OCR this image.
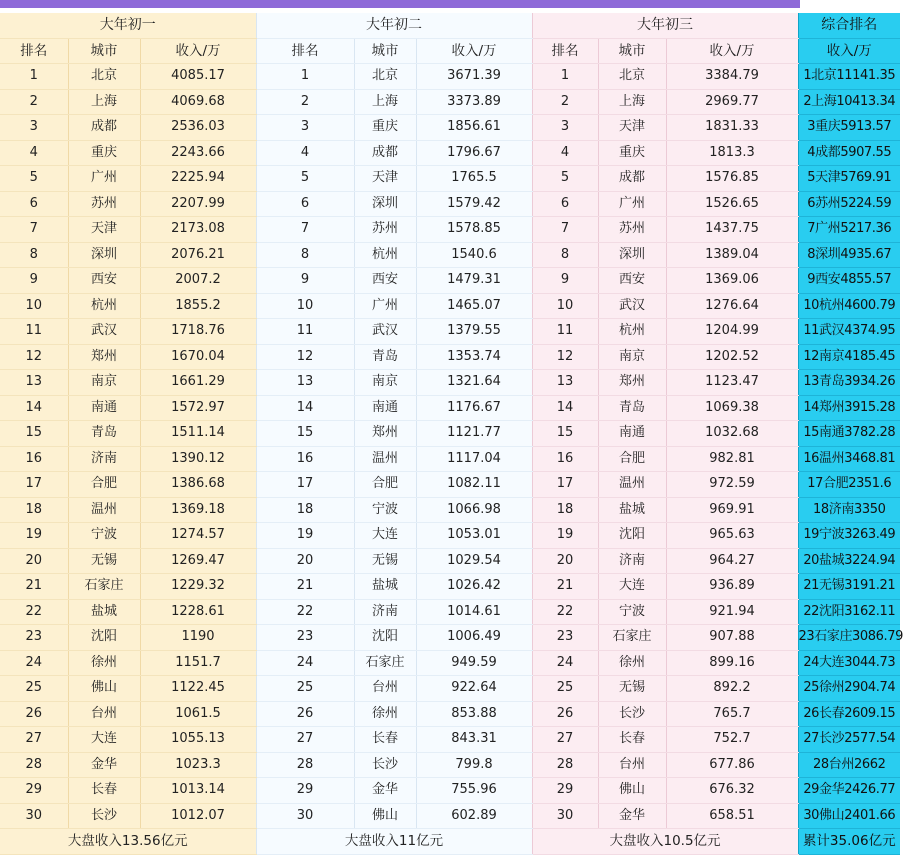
大年初一			大年初二			大年初三			综合排名
排名	城市	收入/万	排名	城市	收入/万	排名	城市	收入/万	收入/万
1	北京	4085.17	1	北京	3671.39	1	北京	3384.79	1北京11141.35
2	上海	4069.68	2	上海	3373.89	2	上海	2969.77	2上海10413.34
3	成都	2536.03	3	重庆	1856.61	3	天津	1831.33	3重庆5913.57
4	重庆	2243.66	4	成都	1796.67	4	重庆	1813.3	4成都5907.55
5	广州	2225.94	5	天津	1765.5	5	成都	1576.85	5天津5769.91
6	苏州	2207.99	6	深圳	1579.42	6	广州	1526.65	6苏州5224.59
7	天津	2173.08	7	苏州	1578.85	7	苏州	1437.75	7广州5217.36
8	深圳	2076.21	8	杭州	1540.6	8	深圳	1389.04	8深圳4935.67
9	西安	2007.2	9	西安	1479.31	9	西安	1369.06	9西安4855.57
10	杭州	1855.2	10	广州	1465.07	10	武汉	1276.64	10杭州4600.79
11	武汉	1718.76	11	武汉	1379.55	11	杭州	1204.99	11武汉4374.95
12	郑州	1670.04	12	青岛	1353.74	12	南京	1202.52	12南京4185.45
13	南京	1661.29	13	南京	1321.64	13	郑州	1123.47	13青岛3934.26
14	南通	1572.97	14	南通	1176.67	14	青岛	1069.38	14郑州3915.28
15	青岛	1511.14	15	郑州	1121.77	15	南通	1032.68	15南通3782.28
16	济南	1390.12	16	温州	1117.04	16	合肥	982.81	16温州3468.81
17	合肥	1386.68	17	合肥	1082.11	17	温州	972.59	17合肥2351.6
18	温州	1369.18	18	宁波	1066.98	18	盐城	969.91	18济南3350
19	宁波	1274.57	19	大连	1053.01	19	沈阳	965.63	19宁波3263.49
20	无锡	1269.47	20	无锡	1029.54	20	济南	964.27	20盐城3224.94
21	石家庄	1229.32	21	盐城	1026.42	21	大连	936.89	21无锡3191.21
22	盐城	1228.61	22	济南	1014.61	22	宁波	921.94	22沈阳3162.11
23	沈阳	1190	23	沈阳	1006.49	23	石家庄	907.88	23石家庄3086.79
24	徐州	1151.7	24	石家庄	949.59	24	徐州	899.16	24大连3044.73
25	佛山	1122.45	25	台州	922.64	25	无锡	892.2	25徐州2904.74
26	台州	1061.5	26	徐州	853.88	26	长沙	765.7	26长春2609.15
27	大连	1055.13	27	长春	843.31	27	长春	752.7	27长沙2577.54
28	金华	1023.3	28	长沙	799.8	28	台州	677.86	28台州2662
29	长春	1013.14	29	金华	755.96	29	佛山	676.32	29金华2426.77
30	长沙	1012.07	30	佛山	602.89	30	金华	658.51	30佛山2401.66
大盘收入13.56亿元			大盘收入11亿元			大盘收入10.5亿元			累计35.06亿元
